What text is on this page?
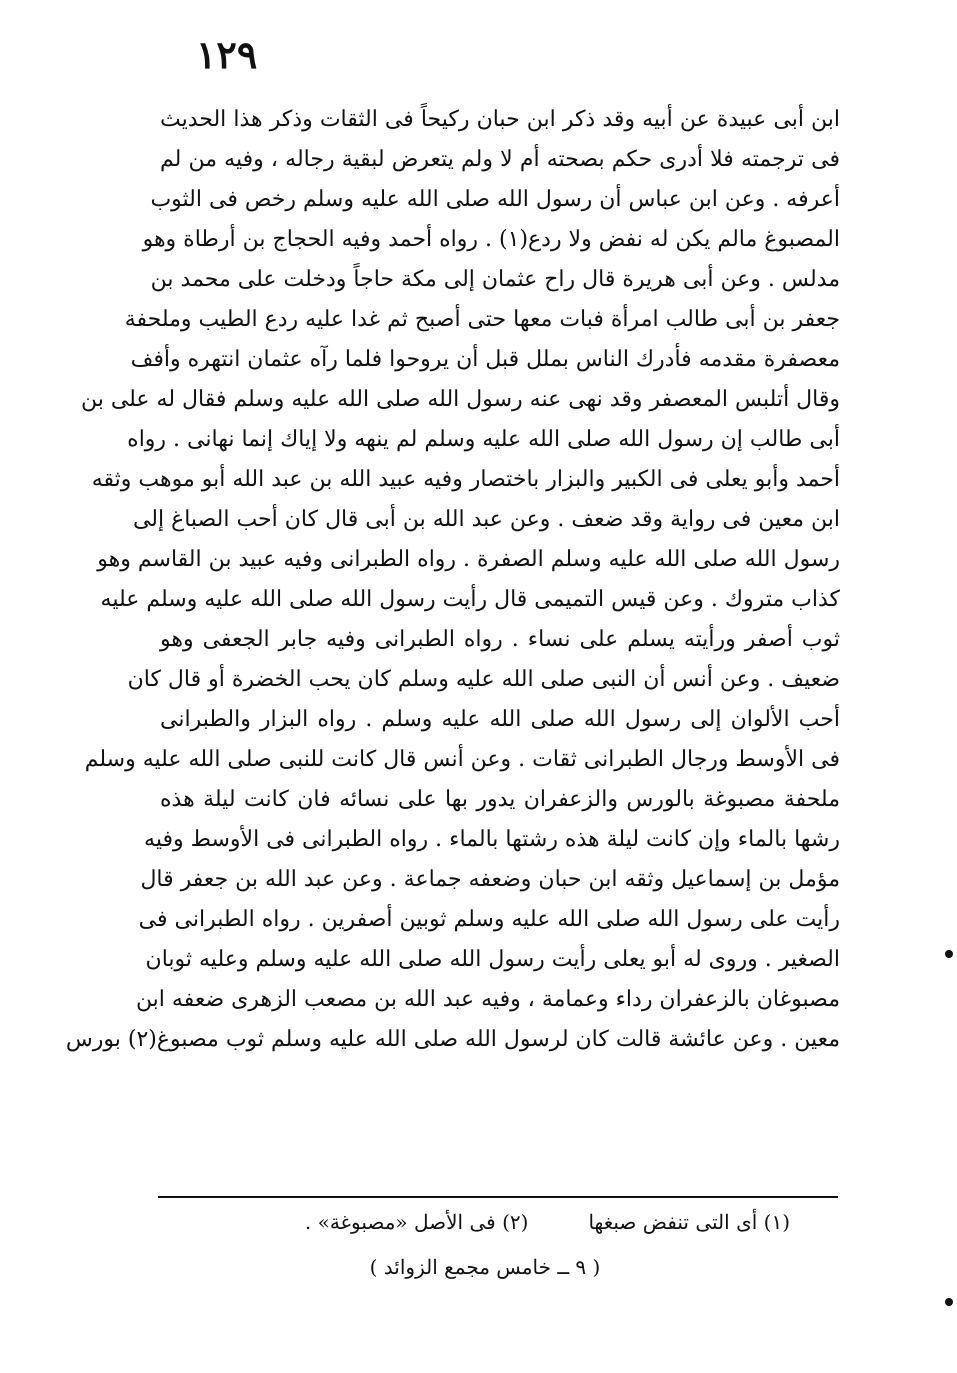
١٢٩
ابن أبى عبيدة عن أبيه وقد ذكر ابن حبان ركيحاً فى الثقات وذكر هذا الحديث
فى ترجمته فلا أدرى حكم بصحته أم لا ولم يتعرض لبقية رجاله ، وفيه من لم
أعرفه . وعن ابن عباس أن رسول الله صلى الله عليه وسلم رخص فى الثوب
المصبوغ مالم يكن له نفض ولا ردع(١) . رواه أحمد وفيه الحجاج بن أرطاة وهو
مدلس . وعن أبى هريرة قال راح عثمان إلى مكة حاجاً ودخلت على محمد بن
جعفر بن أبى طالب امرأة فبات معها حتى أصبح ثم غدا عليه ردع الطيب وملحفة
معصفرة مقدمه فأدرك الناس بملل قبل أن يروحوا فلما رآه عثمان انتهره وأفف
وقال أتلبس المعصفر وقد نهى عنه رسول الله صلى الله عليه وسلم فقال له على بن
أبى طالب إن رسول الله صلى الله عليه وسلم لم ينهه ولا إياك إنما نهانى . رواه
أحمد وأبو يعلى فى الكبير والبزار باختصار وفيه عبيد الله بن عبد الله أبو موهب وثقه
ابن معين فى رواية وقد ضعف . وعن عبد الله بن أبى قال كان أحب الصباغ إلى
رسول الله صلى الله عليه وسلم الصفرة . رواه الطبرانى وفيه عبيد بن القاسم وهو
كذاب متروك . وعن قيس التميمى قال رأيت رسول الله صلى الله عليه وسلم عليه
ثوب أصفر ورأيته يسلم على نساء . رواه الطبرانى وفيه جابر الجعفى وهو
ضعيف . وعن أنس أن النبى صلى الله عليه وسلم كان يحب الخضرة أو قال كان
أحب الألوان إلى رسول الله صلى الله عليه وسلم . رواه البزار والطبرانى
فى الأوسط ورجال الطبرانى ثقات . وعن أنس قال كانت للنبى صلى الله عليه وسلم
ملحفة مصبوغة بالورس والزعفران يدور بها على نسائه فان كانت ليلة هذه
رشها بالماء وإن كانت ليلة هذه رشتها بالماء . رواه الطبرانى فى الأوسط وفيه
مؤمل بن إسماعيل وثقه ابن حبان وضعفه جماعة . وعن عبد الله بن جعفر قال
رأيت على رسول الله صلى الله عليه وسلم ثوبين أصفرين . رواه الطبرانى فى
الصغير . وروى له أبو يعلى رأيت رسول الله صلى الله عليه وسلم وعليه ثوبان
مصبوغان بالزعفران رداء وعمامة ، وفيه عبد الله بن مصعب الزهرى ضعفه ابن
معين . وعن عائشة قالت كان لرسول الله صلى الله عليه وسلم ثوب مصبوغ(٢) بورس
(١) أى التى تنفض صبغها
(٢) فى الأصل «مصبوغة» .
( ٩ ــ خامس مجمع الزوائد )
